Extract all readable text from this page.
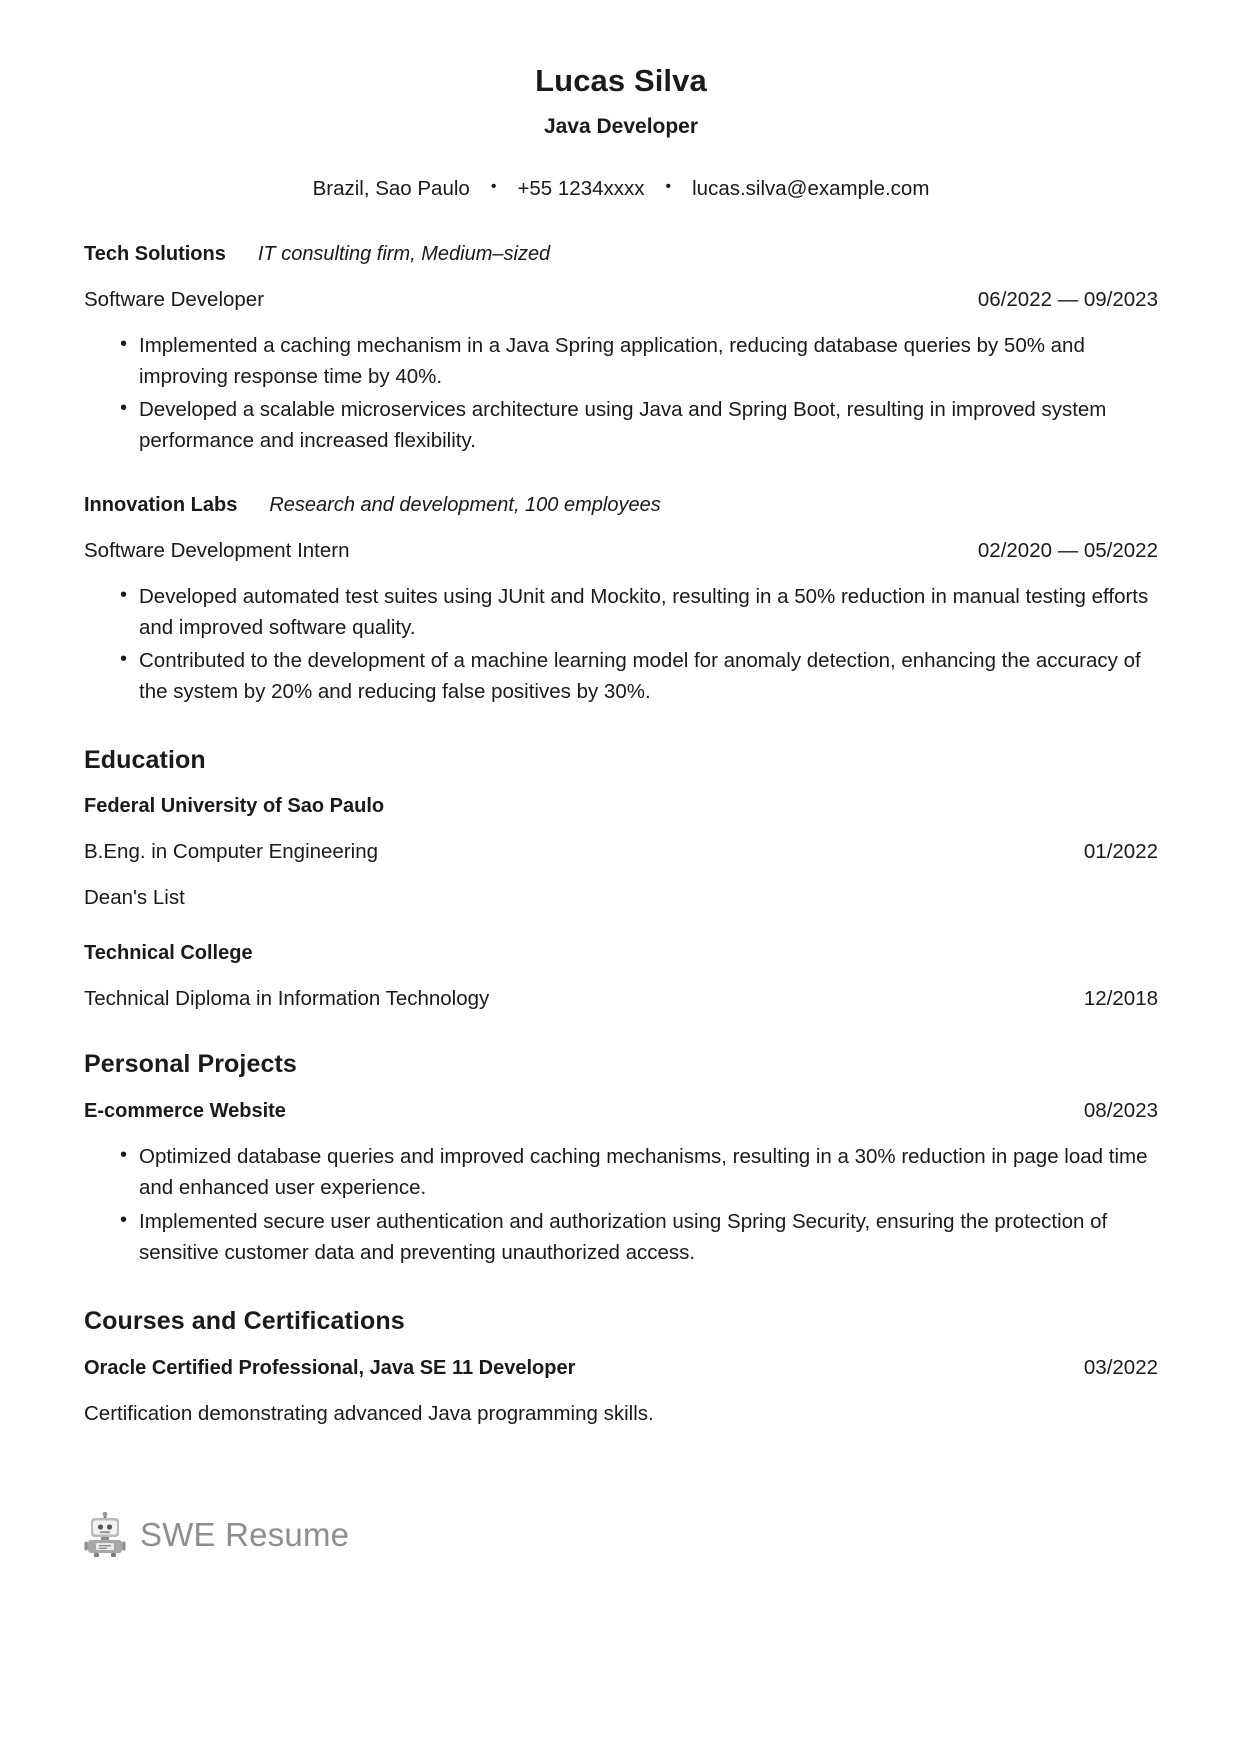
Lucas Silva
Java Developer
Brazil, Sao Paulo	•	+55 1234xxxx	•	lucas.silva@example.com
Tech Solutions IT consulting firm, Medium–sized
Software Developer	06/2022 — 09/2023
• Implemented a caching mechanism in a Java Spring application, reducing database queries by 50% and improving response time by 40%.
• Developed a scalable microservices architecture using Java and Spring Boot, resulting in improved system performance and increased flexibility.
Innovation Labs Research and development, 100 employees
Software Development Intern	02/2020 — 05/2022
• Developed automated test suites using JUnit and Mockito, resulting in a 50% reduction in manual testing efforts and improved software quality.
• Contributed to the development of a machine learning model for anomaly detection, enhancing the accuracy of the system by 20% and reducing false positives by 30%.
Education
Federal University of Sao Paulo
B.Eng. in Computer Engineering	01/2022
Dean's List
Technical College
Technical Diploma in Information Technology	12/2018
Personal Projects
E-commerce Website	08/2023
• Optimized database queries and improved caching mechanisms, resulting in a 30% reduction in page load time and enhanced user experience.
• Implemented secure user authentication and authorization using Spring Security, ensuring the protection of sensitive customer data and preventing unauthorized access.
Courses and Certifications
Oracle Certified Professional, Java SE 11 Developer	03/2022
Certification demonstrating advanced Java programming skills.
SWE Resume
